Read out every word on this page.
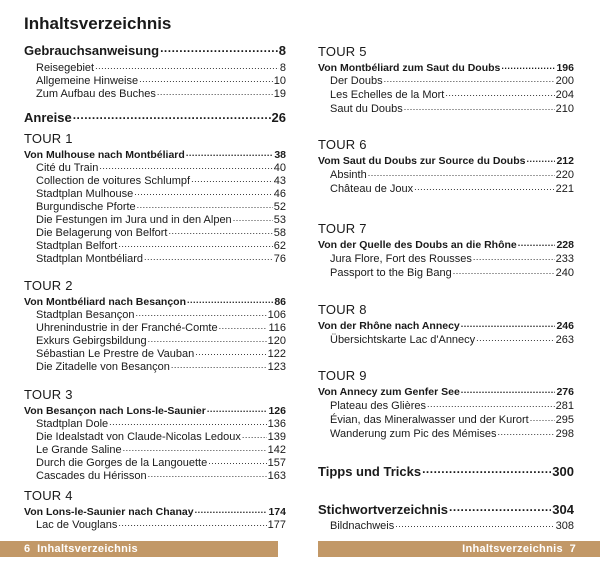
Inhaltsverzeichnis
Gebrauchsanweisung .....	8
Reisegebiet .....	8
Allgemeine Hinweise .....	10
Zum Aufbau des Buches .....	19
Anreise .....	26
TOUR 1
Von Mulhouse nach Montbéliard .....	38
Cité du Train .....	40
Collection de voitures Schlumpf .....	43
Stadtplan Mulhouse .....	46
Burgundische Pforte .....	52
Die Festungen im Jura und in den Alpen .....	53
Die Belagerung von Belfort .....	58
Stadtplan Belfort .....	62
Stadtplan Montbéliard .....	76
TOUR 2
Von Montbéliard nach Besançon .....	86
Stadtplan Besançon .....	106
Uhrenindustrie in der Franché-Comte .....	116
Exkurs Gebirgsbildung .....	120
Sébastian Le Prestre de Vauban .....	122
Die Zitadelle von Besançon .....	123
TOUR 3
Von Besançon nach Lons-le-Saunier .....	126
Stadtplan Dole .....	136
Die Idealstadt von Claude-Nicolas Ledoux ..... 139
Le Grande Saline .....	142
Durch die Gorges de la Langouette .....	157
Cascades du Hérisson .....	163
TOUR 4
Von Lons-le-Saunier nach Chanay .....	174
Lac de Vouglans .....	177
TOUR 5
Von Montbéliard zum Saut du Doubs .....	196
Der Doubs .....	200
Les Echelles de la Mort .....	204
Saut du Doubs .....	210
TOUR 6
Vom Saut du Doubs zur Source du Doubs .....	212
Absinth .....	220
Château de Joux .....	221
TOUR 7
Von der Quelle des Doubs an die Rhône .....	228
Jura Flore, Fort des Rousses .....	233
Passport to the Big Bang .....	240
TOUR 8
Von der Rhône nach Annecy .....	246
Übersichtskarte Lac d'Annecy .....	263
TOUR 9
Von Annecy zum Genfer See .....	276
Plateau des Glières .....	281
Évian, das Mineralwasser und der Kurort ..... 295
Wanderung zum Pic des Mémises .....	298
Tipps und Tricks .....	300
Stichwortverzeichnis .....	304
Bildnachweis .....	308
6  Inhaltsverzeichnis	Inhaltsverzeichnis  7
